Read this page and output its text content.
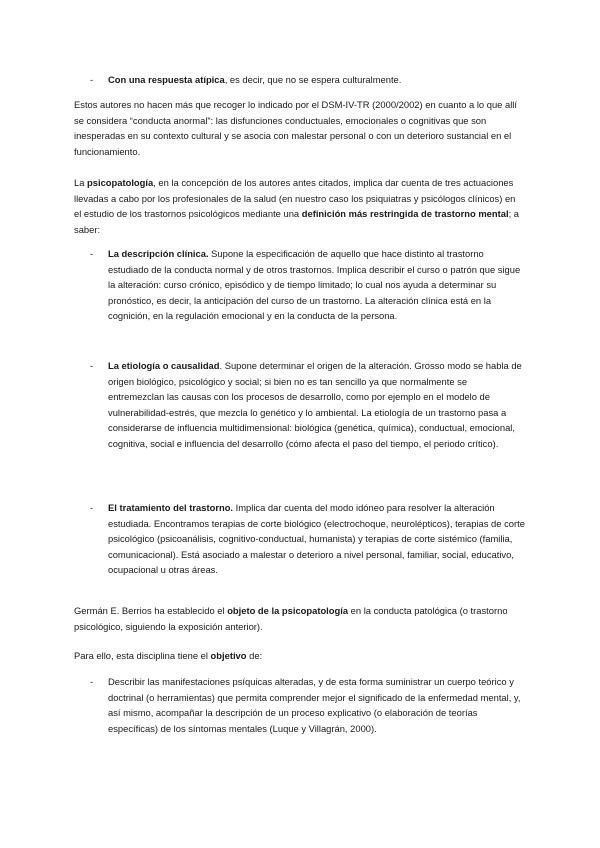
- Con una respuesta atípica, es decir, que no se espera culturalmente.

Estos autores no hacen más que recoger lo indicado por el DSM-IV-TR (2000/2002) en cuanto a lo que allí se considera “conducta anormal”: las disfunciones conductuales, emocionales o cognitivas que son inesperadas en su contexto cultural y se asocia con malestar personal o con un deterioro sustancial en el funcionamiento.

La psicopatología, en la concepción de los autores antes citados, implica dar cuenta de tres actuaciones llevadas a cabo por los profesionales de la salud (en nuestro caso los psiquiatras y psicólogos clínicos) en el estudio de los trastornos psicológicos mediante una definición más restringida de trastorno mental; a saber:

- La descripción clínica. Supone la especificación de aquello que hace distinto al trastorno estudiado de la conducta normal y de otros trastornos. Implica describir el curso o patrón que sigue la alteración: curso crónico, episódico y de tiempo limitado; lo cual nos ayuda a determinar su pronóstico, es decir, la anticipación del curso de un trastorno. La alteración clínica está en la cognición, en la regulación emocional y en la conducta de la persona.
- La etiología o causalidad. Supone determinar el origen de la alteración. Grosso modo se habla de origen biológico, psicológico y social; si bien no es tan sencillo ya que normalmente se entremezclan las causas con los procesos de desarrollo, como por ejemplo en el modelo de vulnerabilidad-estrés, que mezcla lo genético y lo ambiental. La etiología de un trastorno pasa a considerarse de influencia multidimensional: biológica (genética, química), conductual, emocional, cognitiva, social e influencia del desarrollo (cómo afecta el paso del tiempo, el periodo crítico).
- El tratamiento del trastorno. Implica dar cuenta del modo idóneo para resolver la alteración estudiada. Encontramos terapias de corte biológico (electrochoque, neurolépticos), terapias de corte psicológico (psicoanálisis, cognitivo-conductual, humanista) y terapias de corte sistémico (familia, comunicacional). Está asociado a malestar o deterioro a nivel personal, familiar, social, educativo, ocupacional u otras áreas.

Germán E. Berrios ha establecido el objeto de la psicopatología en la conducta patológica (o trastorno psicológico, siguiendo la exposición anterior).

Para ello, esta disciplina tiene el objetivo de:

- Describir las manifestaciones psíquicas alteradas, y de esta forma suministrar un cuerpo teórico y doctrinal (o herramientas) que permita comprender mejor el significado de la enfermedad mental, y, así mismo, acompañar la descripción de un proceso explicativo (o elaboración de teorías específicas) de los síntomas mentales (Luque y Villagrán, 2000).
